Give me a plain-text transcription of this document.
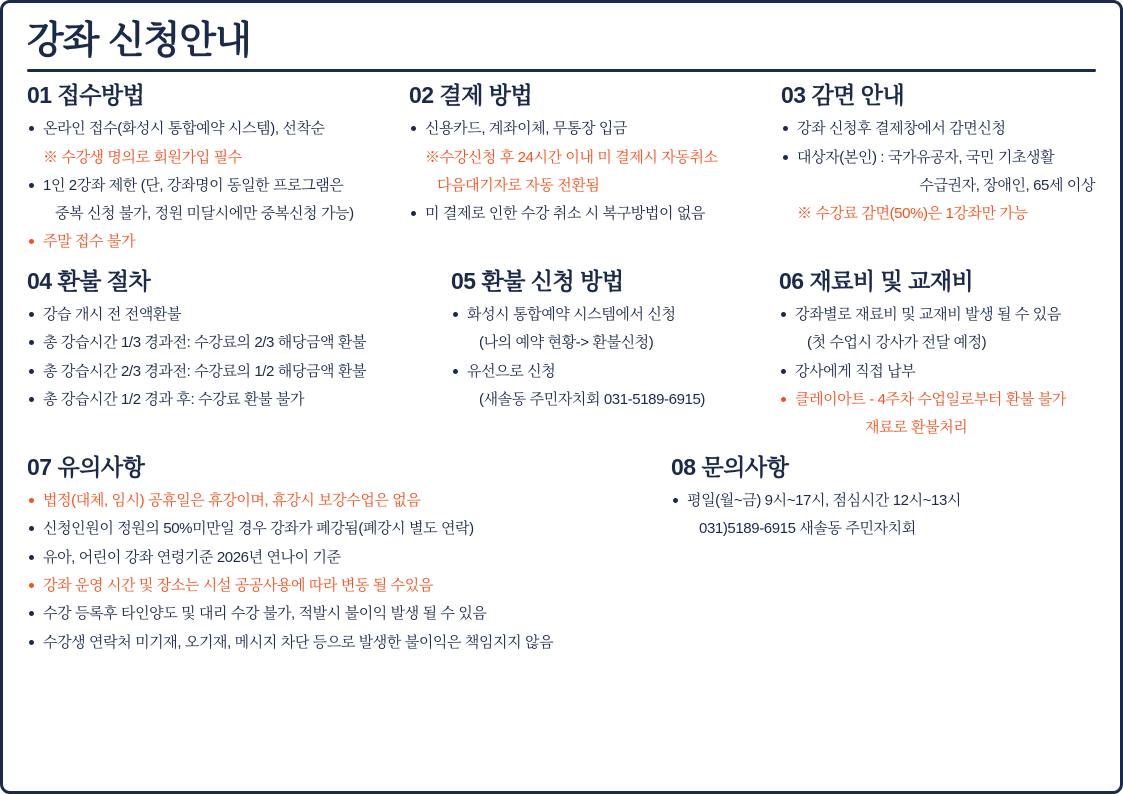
강좌 신청안내
01 접수방법
온라인 접수(화성시 통합예약 시스템), 선착순
※ 수강생 명의로 회원가입 필수
1인 2강좌 제한 (단, 강좌명이 동일한 프로그램은
중복 신청 불가, 정원 미달시에만 중복신청 가능)
주말 접수 불가
02 결제 방법
신용카드, 계좌이체, 무통장 입금
※수강신청 후 24시간 이내 미 결제시 자동취소
다음대기자로 자동 전환됨
미 결제로 인한 수강 취소 시 복구방법이 없음
03 감면 안내
강좌 신청후 결제창에서 감면신청
대상자(본인) : 국가유공자, 국민 기초생활
수급권자, 장애인, 65세 이상
※ 수강료 감면(50%)은 1강좌만 가능
04 환불 절차
강습 개시 전 전액환불
총 강습시간 1/3 경과전: 수강료의 2/3 해당금액 환불
총 강습시간 2/3 경과전: 수강료의 1/2 해당금액 환불
총 강습시간 1/2 경과 후: 수강료 환불 불가
05 환불 신청 방법
화성시 통합예약 시스템에서 신청
(나의 예약 현황-> 환불신청)
유선으로 신청
(새솔동 주민자치회 031-5189-6915)
06 재료비 및 교재비
강좌별로 재료비 및 교재비 발생 될 수 있음
(첫 수업시 강사가 전달 예정)
강사에게 직접 납부
클레이아트 - 4주차 수업일로부터 환불 불가
재료로 환불처리
07 유의사항
법정(대체, 임시) 공휴일은 휴강이며, 휴강시 보강수업은 없음
신청인원이 정원의 50%미만일 경우 강좌가 폐강됨(폐강시 별도 연락)
유아, 어린이 강좌 연령기준 2026년 연나이 기준
강좌 운영 시간 및 장소는 시설 공공사용에 따라 변동 될 수있음
수강 등록후 타인양도 및 대리 수강 불가, 적발시 불이익 발생 될 수 있음
수강생 연락처 미기재, 오기재, 메시지 차단 등으로 발생한 불이익은 책임지지 않음
08 문의사항
평일(월~금) 9시~17시, 점심시간 12시~13시
031)5189-6915 새솔동 주민자치회
